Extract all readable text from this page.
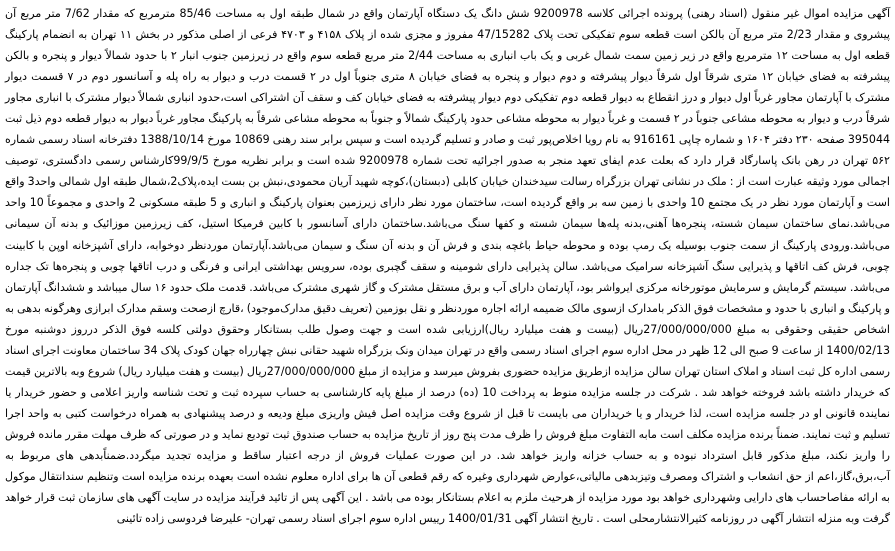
آگهی مزایده اموال غیر منقول (اسناد رهنی) پرونده اجرائی کلاسه 9200978 شش دانگ یک دستگاه آپارتمان واقع در شمال طبقه اول به مساحت 85/46 مترمربع که مقدار 7/62 متر مربع آن پیشروی و مقدار 2/23 متر مربع آن بالکن است قطعه سوم تفکیکی تحت پلاک 47/15282 مفروز و مجزی شده از پلاک ۴۱۵۸ و ۴۷۰۳ فرعی از اصلی مذکور در بخش ۱۱ تهران به انضمام پارکینگ قطعه اول به مساحت ۱۲ مترمربع واقع در زیر زمین سمت شمال غربی و یک باب انباری به مساحت 2/44 متر مربع قطعه سوم واقع در زیرزمین جنوب انبار ۲ با حدود شمالاً دیوار و پنجره و بالکن پیشرفته به فضای خیابان ۱۲ متری شرقاً اول شرقاً دیوار پیشرفته و دوم دیوار و پنجره به فضای خیابان ۸ متری جنوباً اول در ۲ قسمت درب و دیوار به راه پله و آسانسور دوم در ۷ قسمت دیوار مشترک با آپارتمان مجاور غرباً اول دیوار و درز انقطاع به دیوار قطعه دوم تفکیکی دوم دیوار پیشرفته به فضای خیابان کف و سقف آن اشتراکی است،حدود انباری شمالاً دیوار مشترک با انباری مجاور شرقاً درب و دیوار به محوطه مشاعی جنوباً در ۲ قسمت و غرباً دیوار به محوطه مشاعی حدود پارکینگ شمالاً و جنوباً به محوطه مشاعی شرقاً به پارکینگ مجاور غرباً دیوار به دیوار قطعه دوم ذیل ثبت 395044 صفحه ۲۳۰ دفتر ۱۶۰۴ و شماره چاپی 916161 به نام رویا اخلاص‌پور ثبت و صادر و تسلیم گردیده است و سپس برابر سند رهنی 10869 مورخ 1388/10/14 دفترخانه اسناد رسمی شماره ۵۶۲ تهران در رهن بانک پاسارگاد قرار دارد که بعلت عدم ایفای تعهد منجر به صدور اجرائیه تحت شماره 9200978 شده است و برابر نظریه مورخ 99/9/5کارشناس رسمی دادگستری، توصیف اجمالی مورد وثیقه عبارت است از : ملک در نشانی تهران بزرگراه رسالت سیدخندان خیابان کابلی (دبستان)،کوچه شهید آریان محمودی،نبش بن بست ایده،پلاک2،شمال طبقه اول شمالی واحد3 واقع است و آپارتمان مورد نظر در یک مجتمع 10 واحدی با زمین سه بر واقع گردیده است، ساختمان مورد نظر دارای زیرزمین بعنوان پارکینگ و انباری و 5 طبقه مسکونی 2 واحدی و مجموعاً 10 واحد می‌باشد.نمای ساختمان سیمان شسته، پنجره‌ها آهنی،بدنه پله‌ها سیمان شسته و کفها سنگ می‌باشد.ساختمان دارای آسانسور با کابین فرمیکا استیل، کف زیرزمین موزائیک و بدنه آن سیمانی می‌باشد.ورودی پارکینگ از سمت جنوب بوسیله یک رمپ بوده و محوطه حیاط باغچه بندی و فرش آن و بدنه آن سنگ و سیمان می‌باشد.آپارتمان موردنظر دوخوابه، دارای آشپزخانه اوپن با کابینت چوبی، فرش کف اتاقها و پذیرایی سنگ آشپزخانه سرامیک می‌باشد. سالن پذیرایی دارای شومینه و سقف گچبری بوده، سرویس بهداشتی ایرانی و فرنگی و درب اتاقها چوبی و پنجره‌ها تک جداره می‌باشد. سیستم گرمایش و سرمایش موتورخانه مرکزی ایرواشر بود، آپارتمان دارای آب و برق مستقل مشترک و گاز شهری مشترک می‌باشد. قدمت ملک حدود ۱۶ سال میباشد و ششدانگ آپارتمان و پارکینگ و انباری با حدود و مشخصات فوق الذکر بامدارک ازسوی مالک ضمیمه ارائه اجاره مورد‌نظر و نقل بوزمین (تعریف دقیق مدارک‌موجود) ،قارچ ازصحت وسقم مدارک ابرازی وهرگونه بدهی به اشخاص حقیقی وحقوقی به مبلغ 27/000/000/000ریال (بیست و هفت میلیارد ریال)ارزیابی شده است و جهت وصول طلب بستانکار وحقوق دولتی کلسه فوق الذکر درروز دوشنبه مورخ 1400/02/13 از ساعت 9 صبح الی 12 ظهر در محل اداره سوم اجرای اسناد رسمی واقع در تهران میدان ونک بزرگراه شهید حقانی نبش چهارراه جهان کودک پلاک 34 ساختمان معاونت اجرای اسناد رسمی اداره کل ثبت اسناد و املاک استان تهران سالن مزایده ازطریق مزایده حضوری بفروش میرسد و مزایده از مبلغ 27/000/000/000ریال (بیست و هفت میلیارد ریال) شروع وبه بالاترین قیمت که خریدار داشته باشد فروخته خواهد شد . شرکت در جلسه مزایده منوط به پرداخت 10 (ده) درصد از مبلغ پایه کارشناسی به حساب سپرده ثبت و تحت شناسه واریز اعلامی و حضور خریدار یا نماینده قانونی او در جلسه مزایده است، لذا خریدار و یا خریداران می بایست تا قبل از شروع وقت مزایده اصل فیش واریزی مبلغ ودیعه و درصد پیشنهادی به همراه درخواست کتبی به واحد اجرا تسلیم و ثبت نمایند. ضمناً برنده مزایده مکلف است مابه التفاوت مبلغ فروش را ظرف مدت پنج روز از تاریخ مزایده به حساب صندوق ثبت تودیع نماید و در صورتی که ظرف مهلت مقرر مانده فروش را واریز نکند، مبلغ مذکور قابل استرداد نبوده و به حساب خزانه واریز خواهد شد. در این صورت عملیات فروش از درجه اعتبار ساقط و مزایده تجدید میگردد.ضمناًبدهی های مربوط به آب،برق،گاز،اعم از حق انشعاب و اشتراک ومصرف وتیزبدهی مالیاتی،عوارض شهرداری وغیره که رقم قطعی آن ها برای اداره معلوم نشده است بعهده برنده مزایده است وتنظیم سندانتقال موکول به ارائه مفاصاحساب های دارایی وشهرداری خواهد بود مورد مزایده از هرحیث ملزم به اعلام بستانکار بوده می باشد . این آگهی پس از تائید فرآیند مزایده در سایت آگهی های سازمان ثبت قرار خواهد گرفت وبه منزله انتشار آگهی در روزنامه کثیرالانتشارمحلی است . تاریخ انتشار آگهی 1400/01/31 رییس اداره سوم اجرای اسناد رسمی تهران- علیرضا فردوسی زاده تائینی
